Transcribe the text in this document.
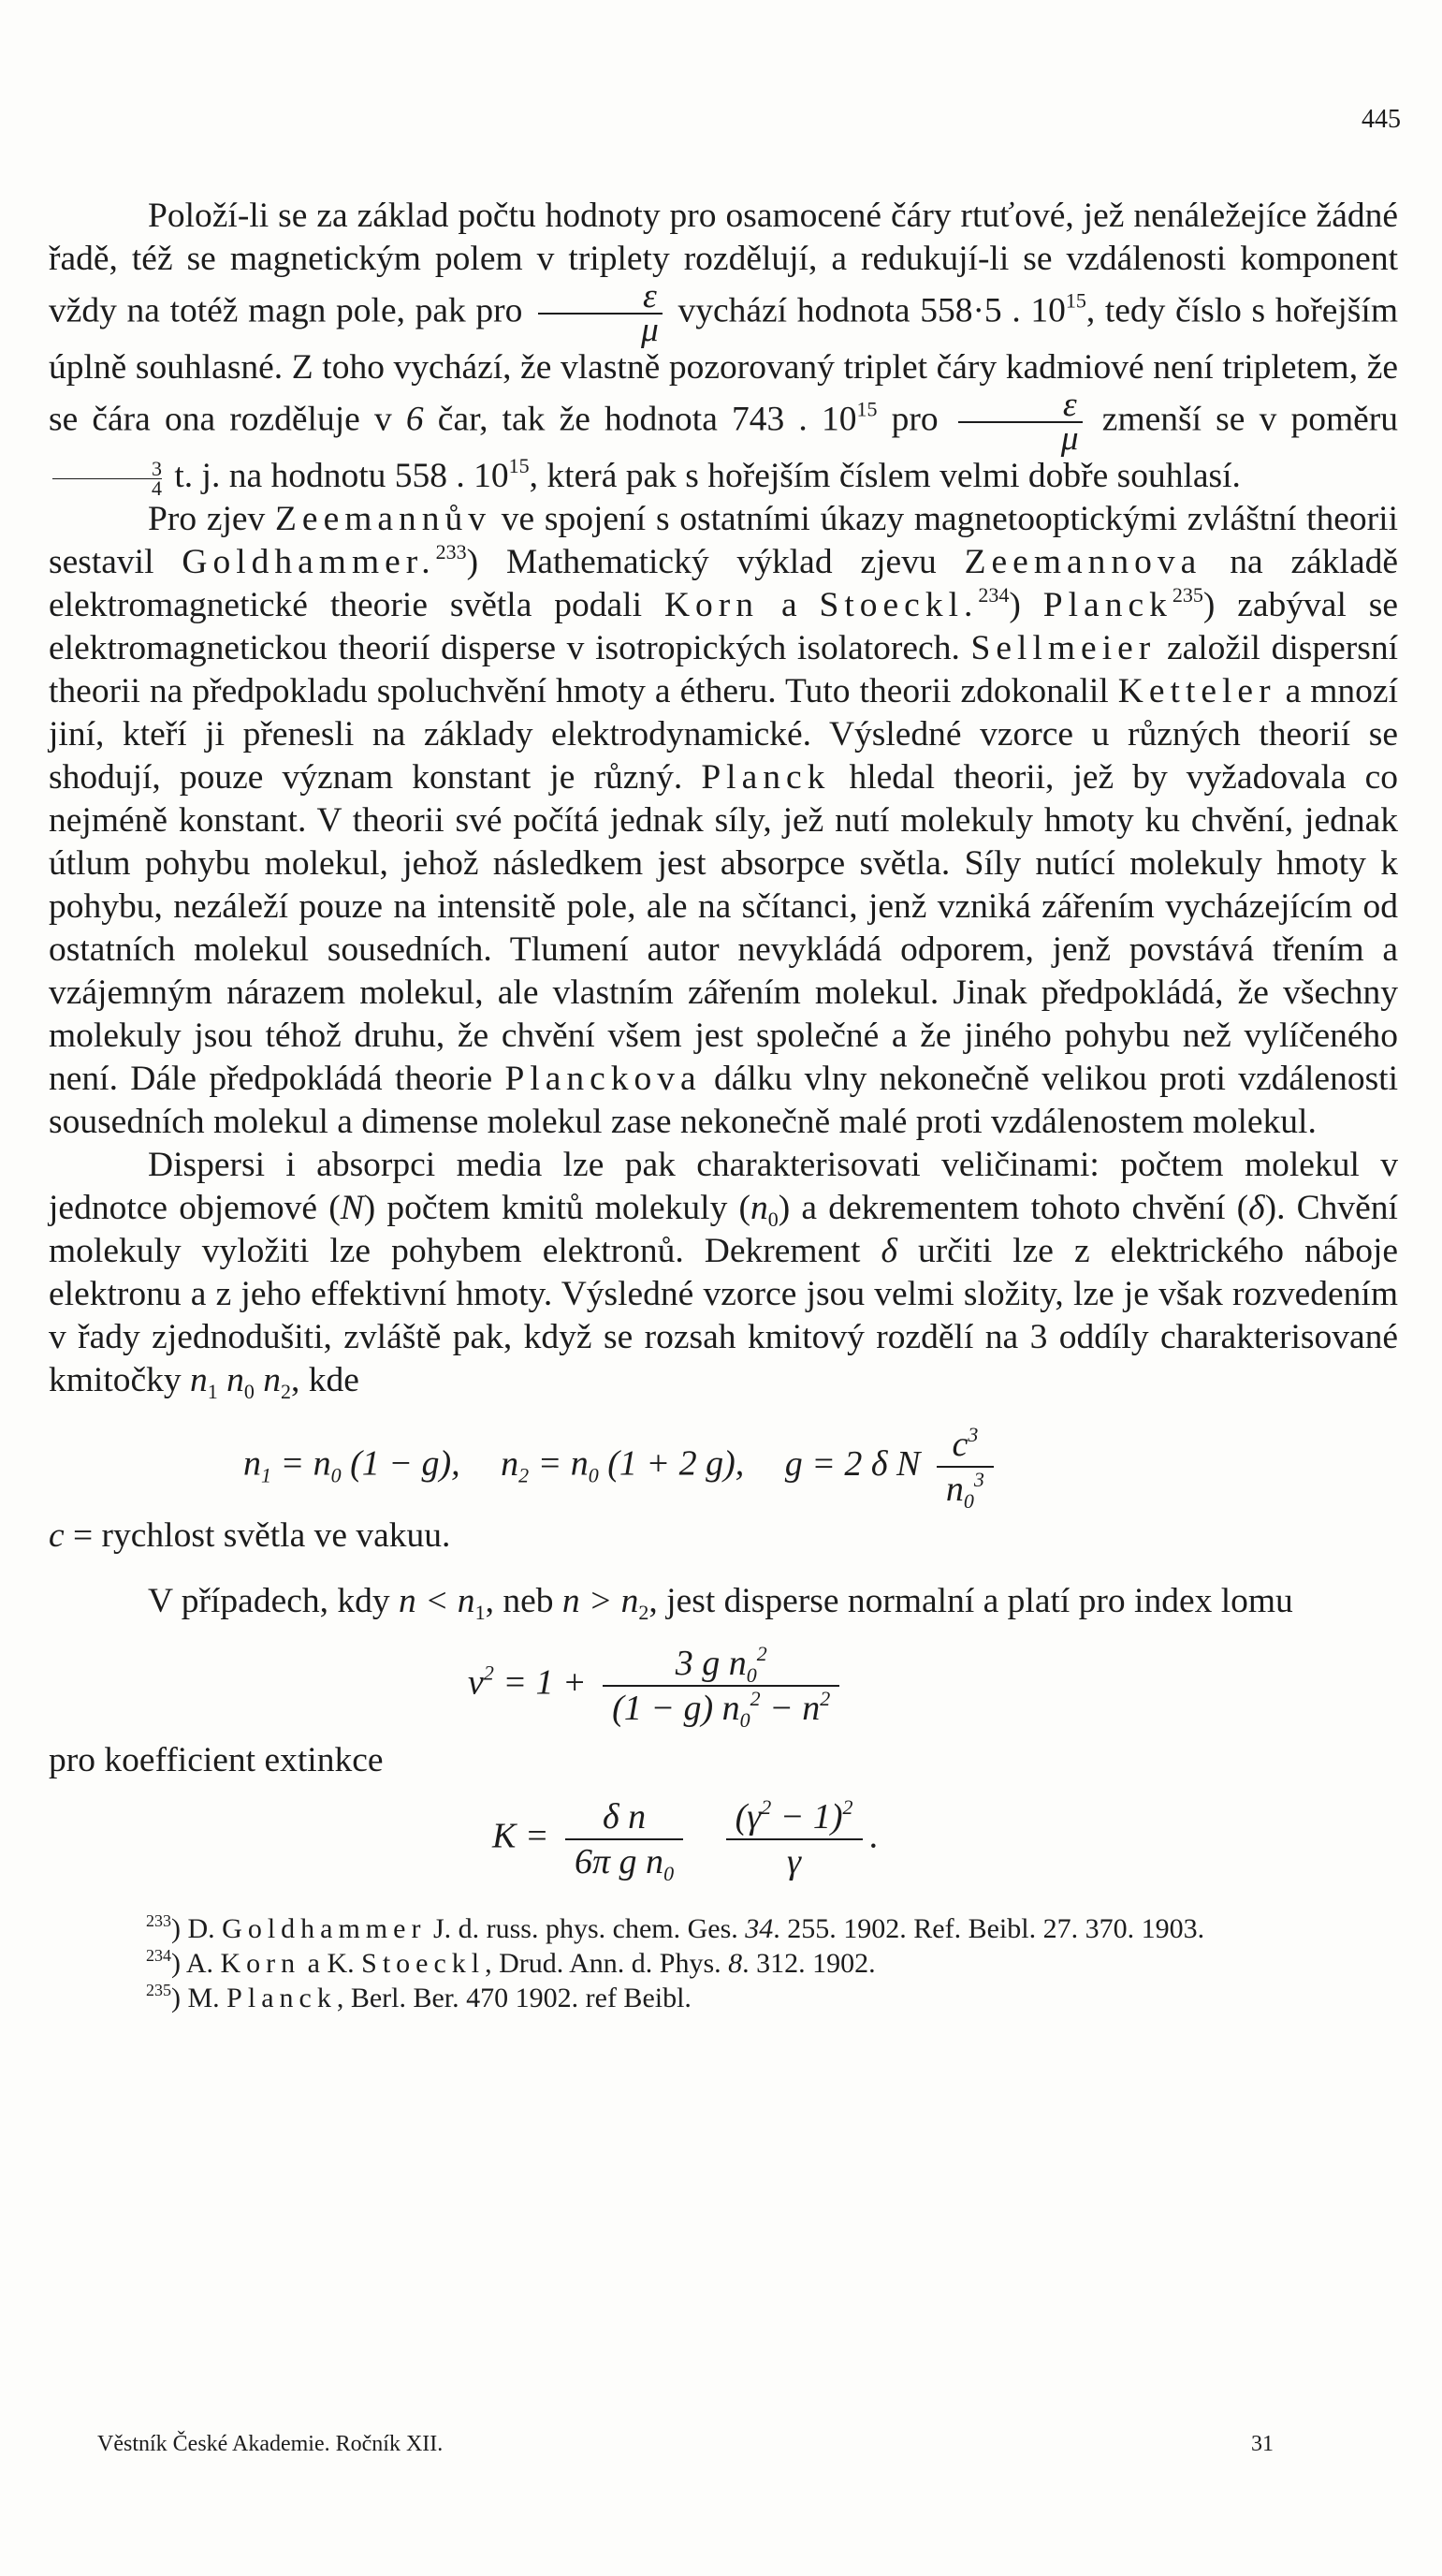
445

Položí-li se za základ počtu hodnoty pro osamocené čáry rtuťové, jež nenáležejíce žádné řadě, též se magnetickým polem v triplety rozdělují, a redukují-li se vzdálenosti komponent vždy na totéž magn pole, pak pro $\frac{\varepsilon}{\mu}$ vychází hodnota 558·5 . $10^{15}$, tedy číslo s hořejším úplně souhlasné. Z toho vychází, že vlastně pozorovaný triplet čáry kadmiové není tripletem, že se čára ona rozděluje v 6 čar, tak že hodnota 743 . $10^{15}$ pro $\frac{\varepsilon}{\mu}$ zmenší se v poměru
$\frac{3}{4} t$. j. na hodnotu 558 . $10^{15}$, která pak s hořejším číslem velmi dobře souhlasí.

Pro zjev Zeemannův ve spojení s ostatními úkazy magnetooptickými zvláštní theorii sestavil Goldhammer.$^{233}$) Mathematický výklad zjevu Zeemannova na základě elektromagnetické theorie světla podali Korn a Stoeckl.$^{234}$) Planck$^{235}$) zabýval se elektromagnetickou theorií disperse v isotropických isolatorech. Sellmeier založil dispersní theorii na předpokladu spoluchvění hmoty a étheru. Tuto theorii zdokonalil Ketteler a mnozí jiní, kteří ji přenesli na základy elektrodynamické. Výsledné vzorce u různých theorií se shodují, pouze význam konstant je různý. Planck hledal theorii, jež by vyžadovala co nejméně konstant. V theorii své počítá jednak síly, jež nutí molekuly hmoty ku chvění, jednak útlum pohybu molekul, jehož následkem jest absorpce světla. Síly nutící molekuly hmoty k pohybu, nezáleží pouze na intensitě pole, ale na sčítanci, jenž vzniká zářením vycházejícím od ostatních molekul sousedních. Tlumení autor nevykládá odporem, jenž povstává třením a vzájemným nárazem molekul, ale vlastním zářením molekul. Jinak předpokládá, že všechny molekuly jsou téhož druhu, že chvění všem jest společné a že jiného pohybu než vylíčeného není. Dále předpokládá theorie Planckova dálku vlny nekonečně velikou proti vzdálenosti sousedních molekul a dimense molekul zase nekonečně malé proti vzdálenostem molekul.

Dispersi i absorpci media lze pak charakterisovati veličinami: počtem molekul v jednotce objemové (N) počtem kmitů molekuly $(n_0)$ a dekrementem tohoto chvění (δ). Chvění molekuly vyložiti lze pohybem elektronů. Dekrement δ určiti lze z elektrického náboje elektronu a z jeho effektivní hmoty. Výsledné vzorce jsou velmi složity, lze je však rozvedením v řady zjednodušiti, zvláště pak, když se rozsah kmitový rozdělí na 3 oddíly charakterisované kmitočky $n_1$ $n_0$ $n_2$, kde

$n_1 = n_0$ (1 − g), $n_2 = n_0$ (1 + 2 g), g = 2 δ N $\frac{c^3}{n_0^3}$

c = rychlost světla ve vakuu.

V případech, kdy $n < n_1$, neb $n > n_2$, jest disperse normalní a platí pro index lomu

$\nu^2 = 1 + \frac{3 g n_0^2}{(1 - g) n_0^2 - n^2}$

pro koefficient extinkce

$K = \frac{\text{δ n}}{6\pi g n_0}$
$\frac{(\gamma^2 - 1)^2}{\gamma}$ .

$^{233}$) D. Goldhammer J. d. russ. phys. chem. Ges. 34. 255. 1902. Ref. Beibl. 27. 370. 1903.

$^{234}$) A. Korn a K. Stoeckl, Drud. Ann. d. Phys. 8. 312. 1902.

$^{235}$) M. Planck, Berl. Ber. 470 1902. ref Beibl.

Věstník České Akademie. Ročník XII.	31
